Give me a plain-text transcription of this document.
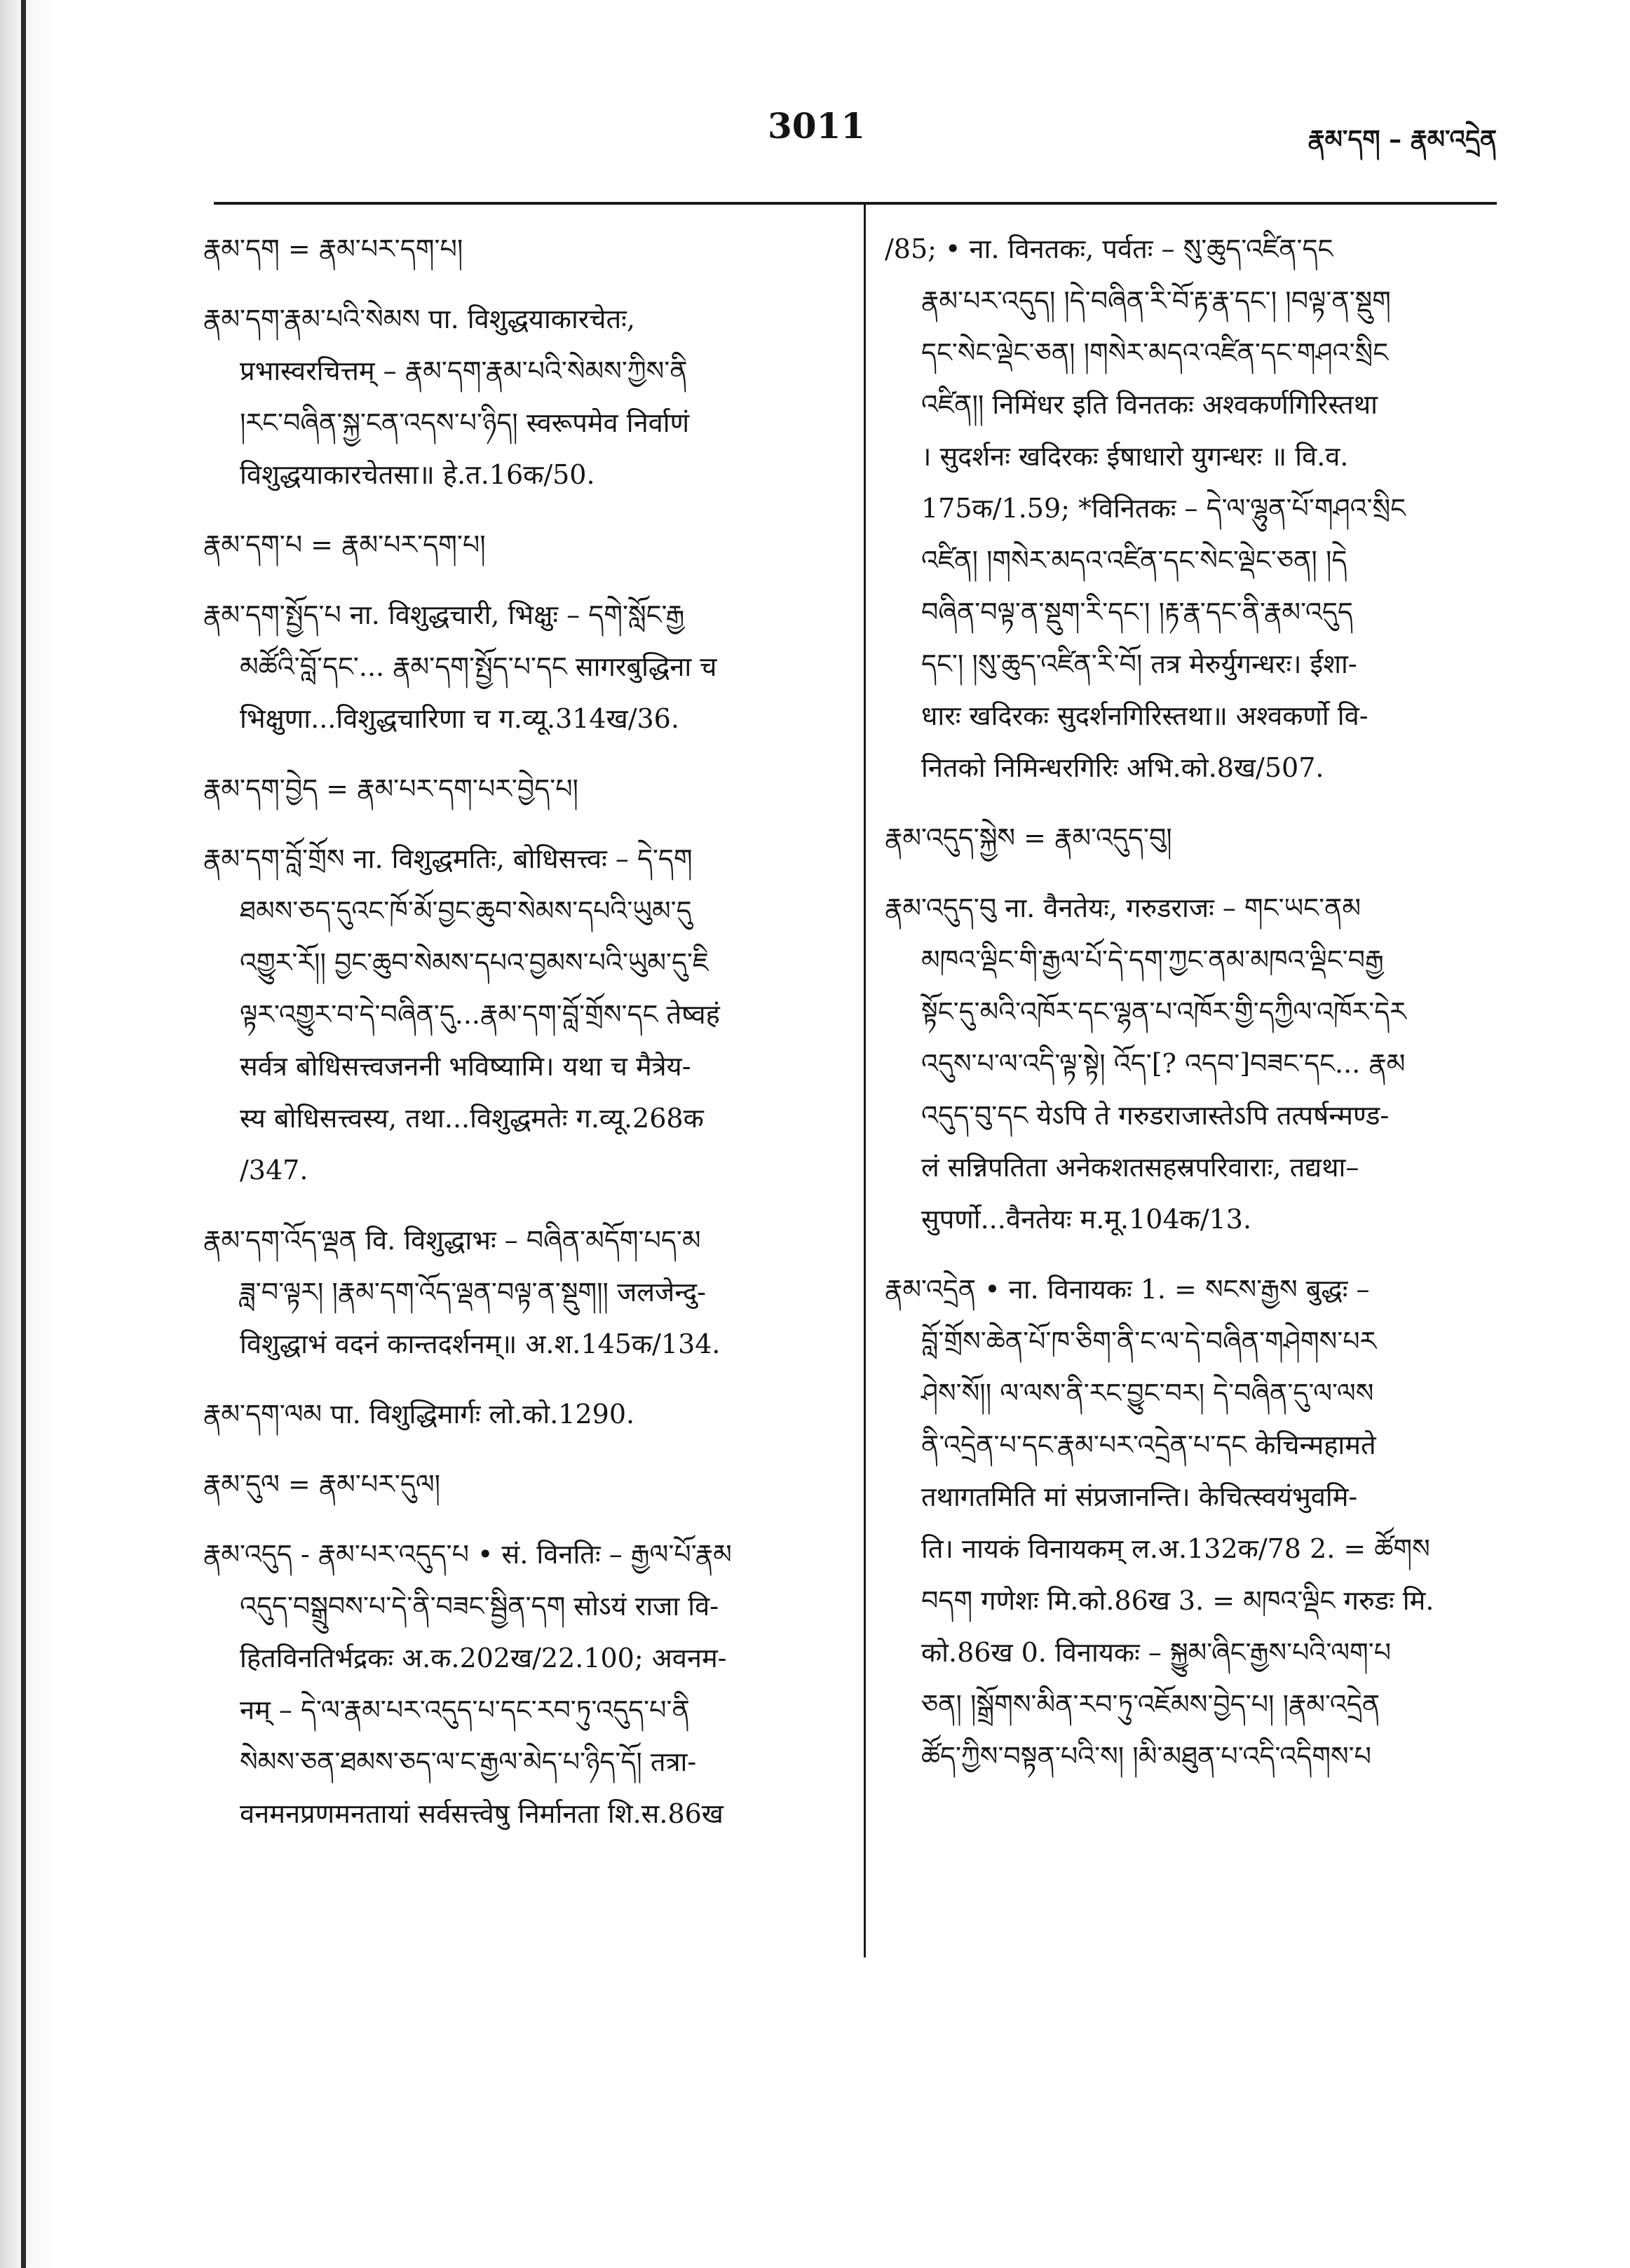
3011	རྣམ་དག – རྣམ་འདྲེན

རྣམ་དག = རྣམ་པར་དག་པ།

རྣམ་དག་རྣམ་པའི་སེམས पा. विशुद्धयाकारचेतः,

प्रभास्वरचित्तम् – རྣམ་དག་རྣམ་པའི་སེམས་ཀྱིས་ནི

།རང་བཞིན་སྐྱ་ངན་འདས་པ་ཉིད། स्वरूपमेव निर्वाणं

विशुद्धयाकारचेतसा॥ हे.त.16क/50.

རྣམ་དག་པ = རྣམ་པར་དག་པ།

རྣམ་དག་སྤྱོད་པ ना. विशुद्धचारी, भिक्षुः – དགེ་སློང་རྒྱ

མཚོའི་བློ་དང་... རྣམ་དག་སྤྱོད་པ་དང सागरबुद्धिना च

भिक्षुणा...विशुद्धचारिणा च ग.व्यू.314ख/36.

རྣམ་དག་བྱེད = རྣམ་པར་དག་པར་བྱེད་པ།

རྣམ་དག་བློ་གྲོས ना. विशुद्धमतिः, बोधिसत्त्वः – དེ་དག

ཐམས་ཅད་དུའང་ཁོ་མོ་བྱང་ཆུབ་སེམས་དཔའི་ཡུམ་དུ

འགྱུར་རོ།། བྱང་ཆུབ་སེམས་དཔའ་བྱམས་པའི་ཡུམ་དུ་ཇི

ལྟར་འགྱུར་བ་དེ་བཞིན་དུ...རྣམ་དག་བློ་གྲོས་དང तेष्वहं

सर्वत्र बोधिसत्त्वजननी भविष्यामि। यथा च मैत्रेय-

स्य बोधिसत्त्वस्य, तथा...विशुद्धमतेः ग.व्यू.268क

/347.

རྣམ་དག་འོད་ལྡན वि. विशुद्धाभः – བཞིན་མདོག་པད་མ

ཟླ་བ་ལྟར། །རྣམ་དག་འོད་ལྡན་བལྟ་ན་སྡུག།། जलजेन्दु-

विशुद्धाभं वदनं कान्तदर्शनम्॥ अ.श.145क/134.

རྣམ་དག་ལམ पा. विशुद्धिमार्गः लो.को.1290.

རྣམ་དུལ = རྣམ་པར་དུལ།

རྣམ་འདུད - རྣམ་པར་འདུད་པ • सं. विनतिः – རྒྱལ་པོ་རྣམ

འདུད་བསྒྲུབས་པ་དེ་ནི་བཟང་སྦྱིན་དག सोऽयं राजा वि-

हितविनतिर्भद्रकः अ.क.202ख/22.100; अवनम-

नम् – དེ་ལ་རྣམ་པར་འདུད་པ་དང་རབ་ཏུ་འདུད་པ་ནི

སེམས་ཅན་ཐམས་ཅད་ལ་ང་རྒྱལ་མེད་པ་ཉིད་དོ། तत्रा-

वनमनप्रणमनतायां सर्वसत्त्वेषु निर्मानता शि.स.86ख

/85; • ना. विनतकः, पर्वतः – སུ་ཆུད་འཛིན་དང

རྣམ་པར་འདུད། །དེ་བཞིན་རི་བོ་རྟ་རྣ་དང་། །བལྟ་ན་སྡུག

དང་སེང་ལྡེང་ཅན། །གསེར་མདའ་འཛིན་དང་གཤའ་སྲིང

འཛིན།། निमिंधर इति विनतकः अश्वकर्णगिरिस्तथा

। सुदर्शनः खदिरकः ईषाधारो युगन्धरः ॥ वि.व.

175क/1.59; *विनितकः – དེ་ལ་ལྷུན་པོ་གཤའ་སྲིང

འཛིན། །གསེར་མདའ་འཛིན་དང་སེང་ལྡེང་ཅན། །དེ

བཞིན་བལྟ་ན་སྡུག་རི་དང་། །རྟ་རྣ་དང་ནི་རྣམ་འདུད

དང་། །སུ་ཆུད་འཛིན་རི་བོ། तत्र मेरुर्युगन्धरः। ईशा-

धारः खदिरकः सुदर्शनगिरिस्तथा॥ अश्वकर्णो वि-

नितको निमिन्धरगिरिः अभि.को.8ख/507.

རྣམ་འདུད་སྐྱེས = རྣམ་འདུད་བུ།

རྣམ་འདུད་བུ ना. वैनतेयः, गरुडराजः – གང་ཡང་ནམ

མཁའ་ལྡིང་གི་རྒྱལ་པོ་དེ་དག་ཀྱང་ནམ་མཁའ་ལྡིང་བརྒྱ

སྟོང་དུ་མའི་འཁོར་དང་ལྷན་པ་འཁོར་གྱི་དཀྱིལ་འཁོར་དེར

འདུས་པ་ལ་འདི་ལྟ་སྟེ། འོད་[? འདབ་]བཟང་དང... རྣམ

འདུད་བུ་དང येऽपि ते गरुडराजास्तेऽपि तत्पर्षन्मण्ड-

लं सन्निपतिता अनेकशतसहस्रपरिवाराः, तद्यथा–

सुपर्णो...वैनतेयः म.मू.104क/13.

རྣམ་འདྲེན • ना. विनायकः 1. = སངས་རྒྱས बुद्धः –

བློ་གྲོས་ཆེན་པོ་ཁ་ཅིག་ནི་ང་ལ་དེ་བཞིན་གཤེགས་པར

ཤེས་སོ།། ལ་ལས་ནི་རང་བྱུང་བར། དེ་བཞིན་དུ་ལ་ལས

ནི་འདྲེན་པ་དང་རྣམ་པར་འདྲེན་པ་དང केचिन्महामते

तथागतमिति मां संप्रजानन्ति। केचित्स्वयंभुवमि-

ति। नायकं विनायकम् ल.अ.132क/78 2. = ཚོགས

བདག गणेशः मि.को.86ख 3. = མཁའ་ལྡིང गरुडः मि.

को.86ख 0. विनायकः – སྐྱུམ་ཞིང་རྒྱས་པའི་ལག་པ

ཅན། །སྒྲོགས་མིན་རབ་ཏུ་འཇོམས་བྱེད་པ། །རྣམ་འདྲེན

ཚོད་ཀྱིས་བསྟན་པའི་ས། །མི་མཐུན་པ་འདི་འདིགས་པ
